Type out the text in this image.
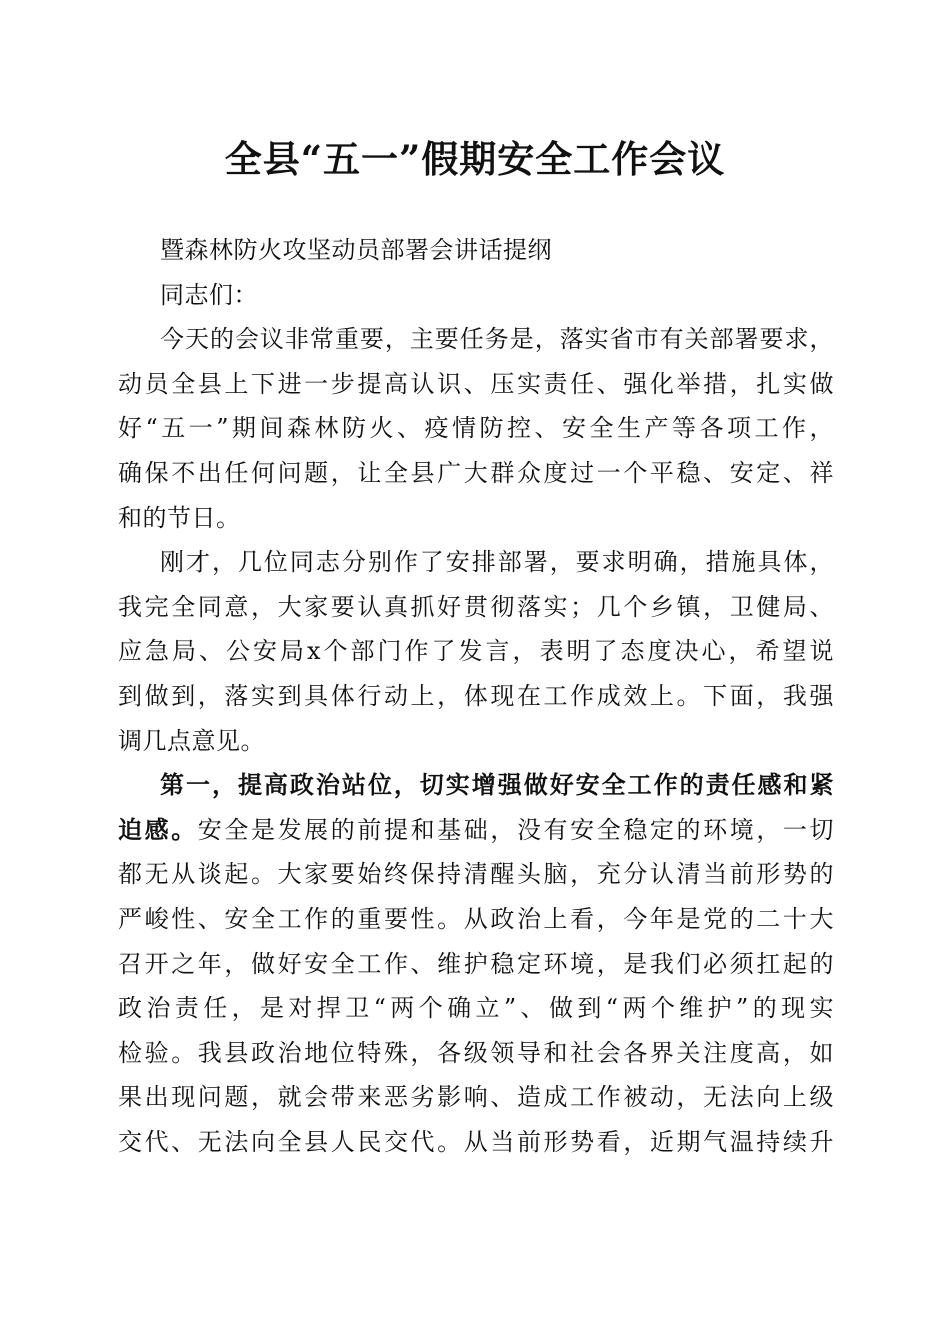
全县“五一”假期安全工作会议
暨森林防火攻坚动员部署会讲话提纲
同志们：
今天的会议非常重要，主要任务是，落实省市有关部署要求，
动员全县上下进一步提高认识、压实责任、强化举措，扎实做
好“五一”期间森林防火、疫情防控、安全生产等各项工作，
确保不出任何问题，让全县广大群众度过一个平稳、安定、祥
和的节日。
刚才，几位同志分别作了安排部署，要求明确，措施具体，
我完全同意，大家要认真抓好贯彻落实；几个乡镇，卫健局、
应急局、公安局x个部门作了发言，表明了态度决心，希望说
到做到，落实到具体行动上，体现在工作成效上。下面，我强
调几点意见。
第一，提高政治站位，切实增强做好安全工作的责任感和紧
迫感。安全是发展的前提和基础，没有安全稳定的环境，一切
都无从谈起。大家要始终保持清醒头脑，充分认清当前形势的
严峻性、安全工作的重要性。从政治上看，今年是党的二十大
召开之年，做好安全工作、维护稳定环境，是我们必须扛起的
政治责任，是对捍卫“两个确立”、做到“两个维护”的现实
检验。我县政治地位特殊，各级领导和社会各界关注度高，如
果出现问题，就会带来恶劣影响、造成工作被动，无法向上级
交代、无法向全县人民交代。从当前形势看，近期气温持续升
